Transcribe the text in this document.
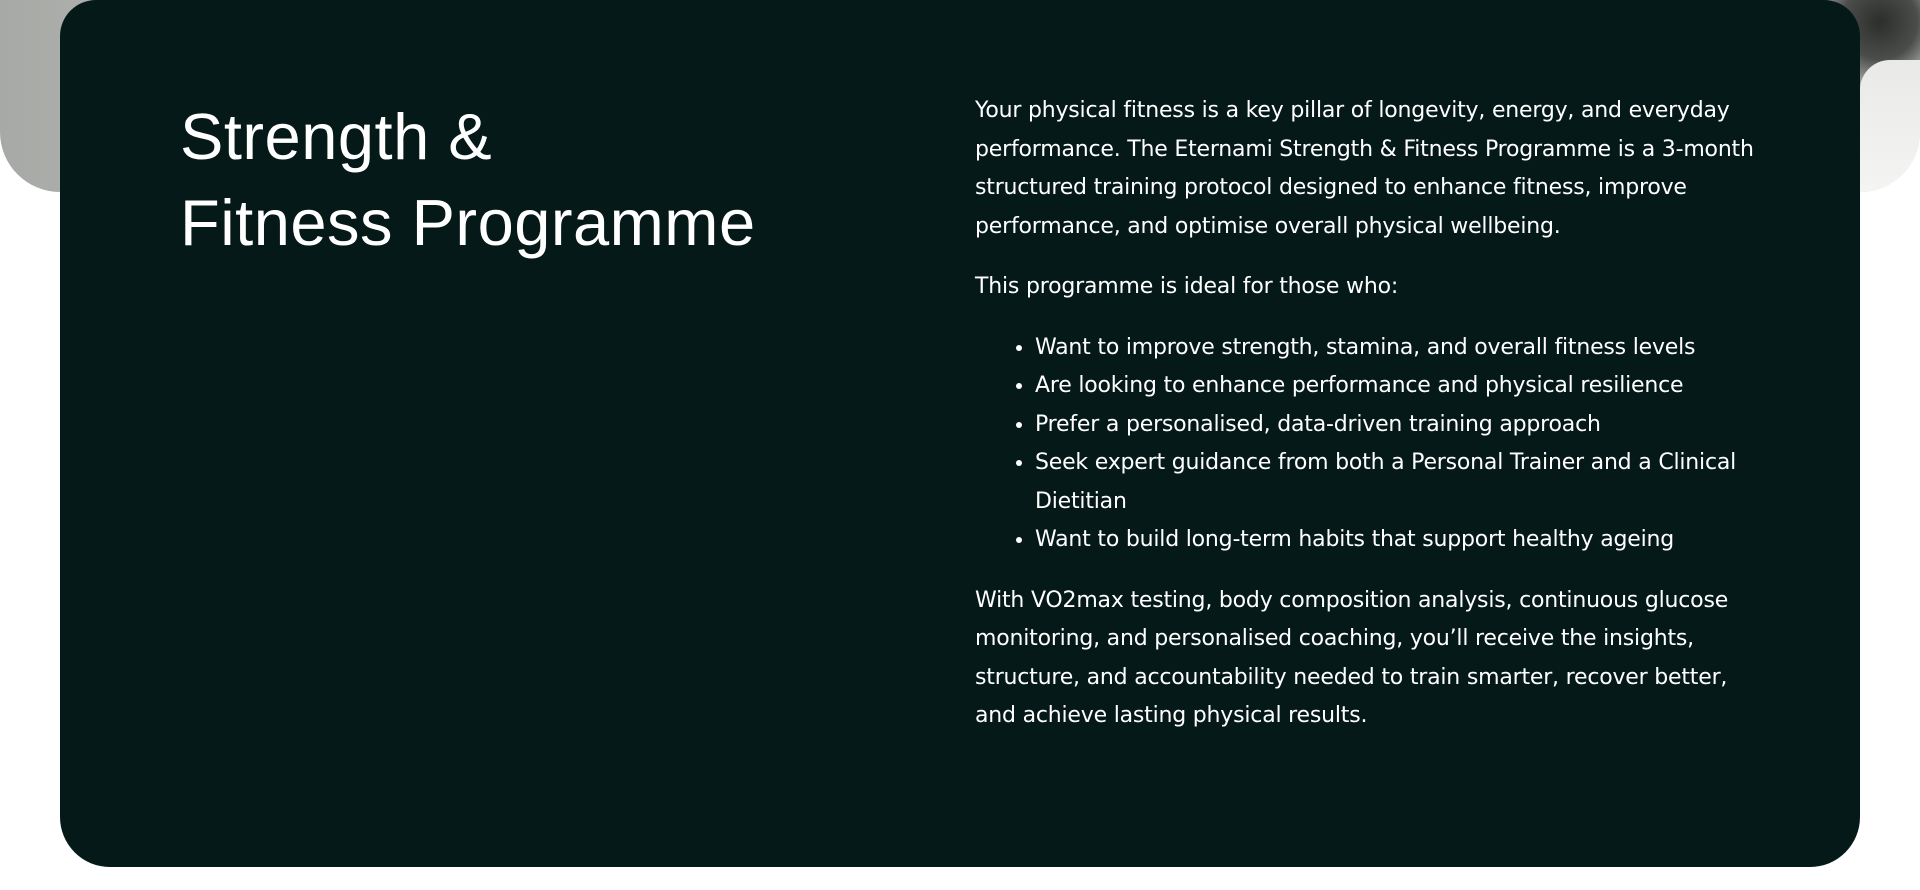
Strength &
Fitness Programme

Your physical fitness is a key pillar of longevity, energy, and everyday performance. The Eternami Strength & Fitness Programme is a 3-month structured training protocol designed to enhance fitness, improve performance, and optimise overall physical wellbeing.

This programme is ideal for those who:

• Want to improve strength, stamina, and overall fitness levels
• Are looking to enhance performance and physical resilience
• Prefer a personalised, data-driven training approach
• Seek expert guidance from both a Personal Trainer and a Clinical Dietitian
• Want to build long-term habits that support healthy ageing

With VO2max testing, body composition analysis, continuous glucose monitoring, and personalised coaching, you’ll receive the insights, structure, and accountability needed to train smarter, recover better, and achieve lasting physical results.
